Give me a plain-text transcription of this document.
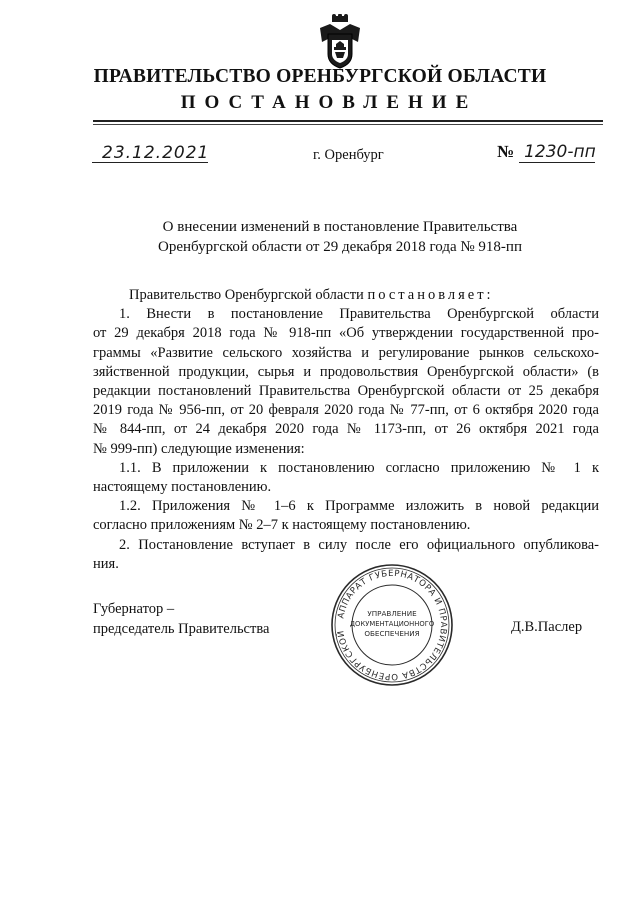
ПРАВИТЕЛЬСТВО ОРЕНБУРГСКОЙ ОБЛАСТИ
ПОСТАНОВЛЕНИЕ
23.12.2021	г. Оренбург	№ 1230-пп
О внесении изменений в постановление Правительства
Оренбургской области от 29 декабря 2018 года № 918-пп
Правительство Оренбургской области постановляет:
1. Внести в постановление Правительства Оренбургской области
от 29 декабря 2018 года № 918-пп «Об утверждении государственной про-
граммы «Развитие сельского хозяйства и регулирование рынков сельскохо-
зяйственной продукции, сырья и продовольствия Оренбургской области» (в
редакции постановлений Правительства Оренбургской области от 25 декабря
2019 года № 956-пп, от 20 февраля 2020 года № 77-пп, от 6 октября 2020 года
№ 844-пп, от 24 декабря 2020 года № 1173-пп, от 26 октября 2021 года
№ 999-пп) следующие изменения:
1.1. В приложении к постановлению согласно приложению № 1 к
настоящему постановлению.
1.2. Приложения № 1–6 к Программе изложить в новой редакции
согласно приложениям № 2–7 к настоящему постановлению.
2. Постановление вступает в силу после его официального опубликова-
ния.
Губернатор –
председатель Правительства	Д.В.Паслер
АППАРАТ ГУБЕРНАТОРА И ПРАВИТЕЛЬСТВА ОРЕНБУРГСКОЙ
УПРАВЛЕНИЕ
ДОКУМЕНТАЦИОННОГО
ОБЕСПЕЧЕНИЯ
